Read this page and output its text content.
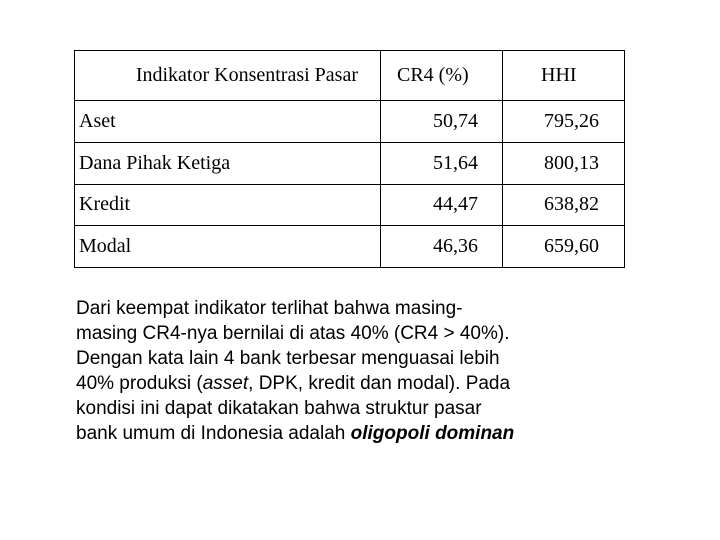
Indikator Konsentrasi Pasar	CR4 (%)	HHI
Aset	50,74	795,26
Dana Pihak Ketiga	51,64	800,13
Kredit	44,47	638,82
Modal	46,36	659,60

Dari keempat indikator terlihat bahwa masing-
masing CR4-nya bernilai di atas 40% (CR4 > 40%).
Dengan kata lain 4 bank terbesar menguasai lebih
40% produksi (asset, DPK, kredit dan modal). Pada
kondisi ini dapat dikatakan bahwa struktur pasar
bank umum di Indonesia adalah oligopoli dominan
